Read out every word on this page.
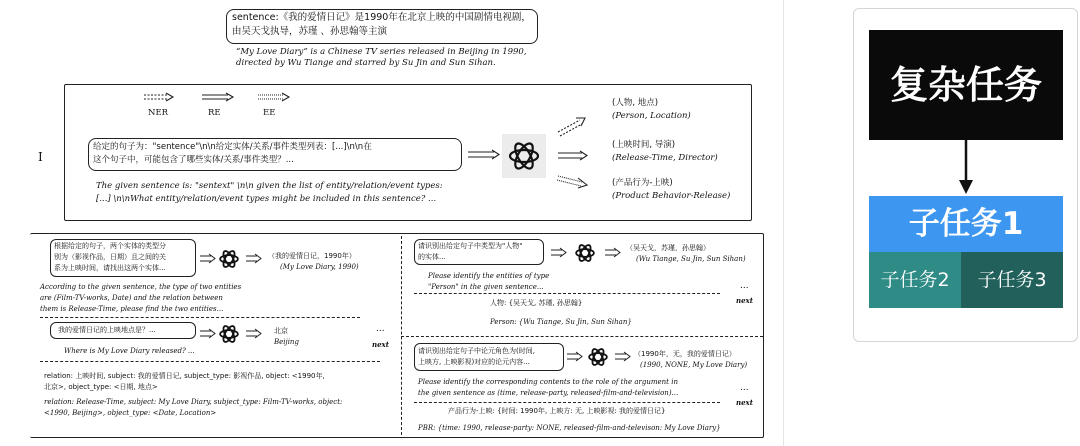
sentence:《我的爱情日记》是1990年在北京上映的中国剧情电视剧，由吴天戈执导，苏瑾 、孙思翰等主演
“My Love Diary” is a Chinese TV series released in Beijing in 1990,
directed by Wu Tiange and starred by Su Jin and Sun Sihan.
I
NER	RE	EE
给定的句子为："sentence"\n\n给定实体/关系/事件类型列表：[...]\n\n在
这个句子中，可能包含了哪些实体/关系/事件类型？...
The given sentence is: "sentext" \n\n given the list of entity/relation/event types:
[...] \n\nWhat entity/relation/event types might be included in this sentence? ...
(人物, 地点)
(Person, Location)
(上映时间, 导演)
(Release-Time, Director)
(产品行为-上映)
(Product Behavior-Release)
根据给定的句子，两个实体的类型分
别为（影视作品，日期）且之间的关
系为上映时间，请找出这两个实体...
（我的爱情日记，1990年）
(My Love Diary, 1990)
According to the given sentence, the type of two entities
are (Film-TV-works, Date) and the relation between
them is Release-Time, please find the two entities...
我的爱情日记的上映地点是？...	北京
Beijing
...
next
Where is My Love Diary released? ...
relation: 上映时间, subject: 我的爱情日记, subject_type: 影视作品, object: <1990年,
北京>, object_type: <日期, 地点>
relation: Release-Time, subject: My Love Diary, subject_type: Film-TV-works, object:
<1990, Beijing>, object_type: <Date, Location>
请识别出给定句子中类型为"人物"
的实体...
（吴天戈，苏瑾，孙思翰）
(Wu Tiange, Su Jin, Sun Sihan)
Please identify the entities of type
"Person" in the given sentence...	...
next
人物: {吴天戈, 苏瑾, 孙思翰}
Person: {Wu Tiange, Su Jin, Sun Sihan}
请识别出给定句子中论元角色为(时间,
上映方, 上映影视)对应的论元内容...
（1990年，无，我的爱情日记）
(1990, NONE, My Love Diary)
Please identify the corresponding contents to the role of the argument in
the given sentence as (time, release-party, released-film-and-television)...	...
next
产品行为-上映: {时间: 1990年, 上映方: 无, 上映影视: 我的爱情日记}
PBR: {time: 1990, release-party: NONE, released-film-and-televison: My Love Diary}
复杂任务
子任务1
子任务2	子任务3
